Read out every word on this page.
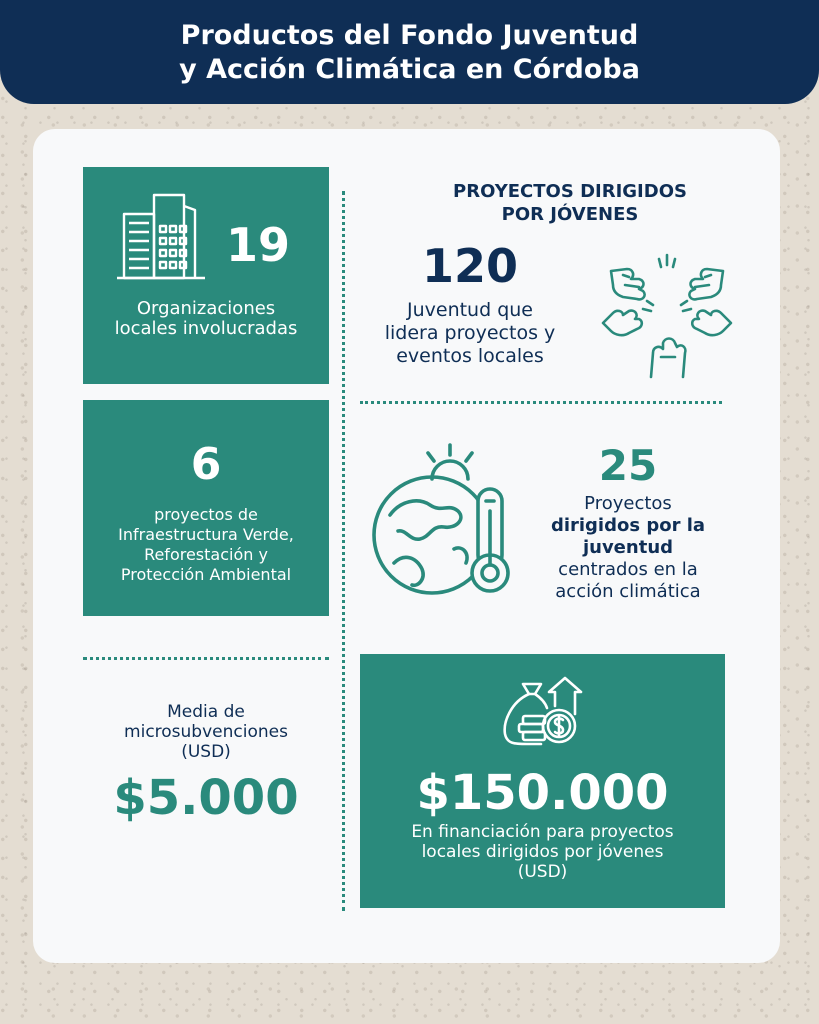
Productos del Fondo Juventud
y Acción Climática en Córdoba
19
Organizaciones
locales involucradas
6
proyectos de
Infraestructura Verde,
Reforestación y
Protección Ambiental
Media de
microsubvenciones
(USD)
$5.000
PROYECTOS DIRIGIDOS
POR JÓVENES
120
Juventud que
lidera proyectos y
eventos locales
25
Proyectos
dirigidos por la
juventud
centrados en la
acción climática
$150.000
En financiación para proyectos
locales dirigidos por jóvenes
(USD)
